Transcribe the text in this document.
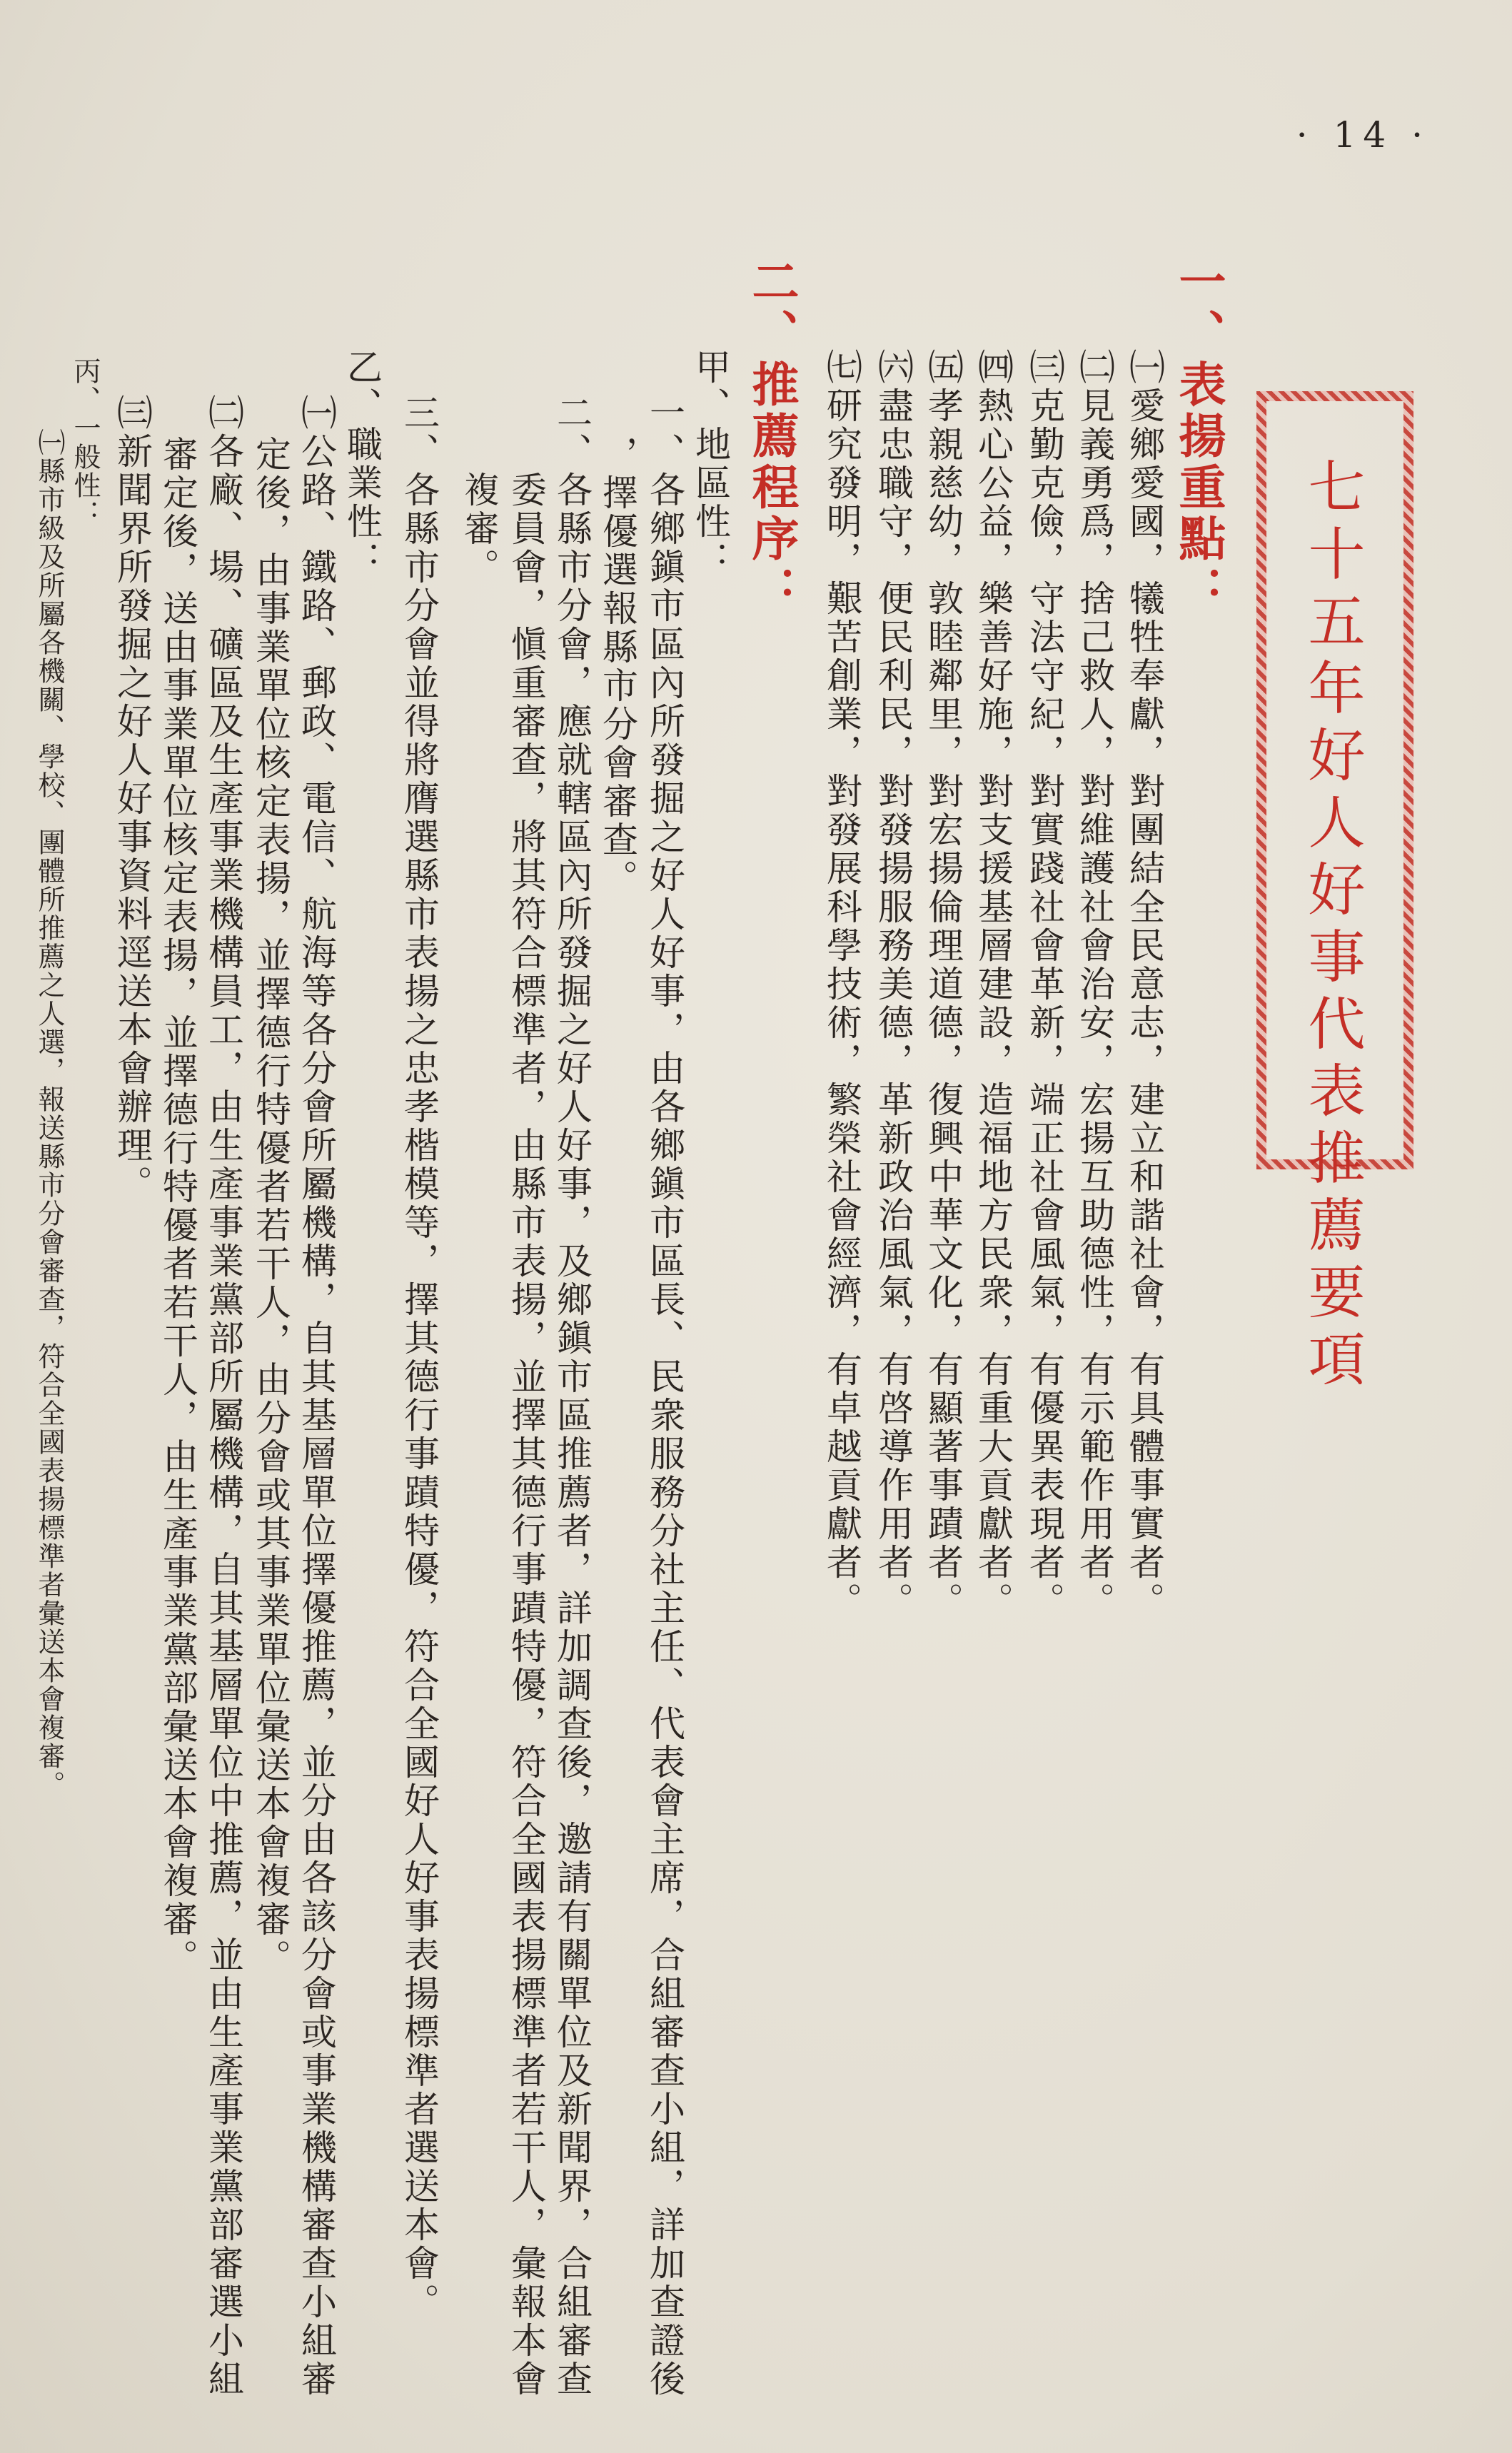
· 14 ·

七十五年好人好事代表推薦要項

一、表揚重點：

㈠愛鄉愛國，犧牲奉獻，對團結全民意志，建立和諧社會，有具體事實者。

㈡見義勇爲，捨己救人，對維護社會治安，宏揚互助德性，有示範作用者。

㈢克勤克儉，守法守紀，對實踐社會革新，端正社會風氣，有優異表現者。

㈣熱心公益，樂善好施，對支援基層建設，造福地方民衆，有重大貢獻者。

㈤孝親慈幼，敦睦鄰里，對宏揚倫理道德，復興中華文化，有顯著事蹟者。

㈥盡忠職守，便民利民，對發揚服務美德，革新政治風氣，有啓導作用者。

㈦研究發明，艱苦創業，對發展科學技術，繁榮社會經濟，有卓越貢獻者。

二、推薦程序：

甲、地區性：

一、各鄉鎭市區內所發掘之好人好事，由各鄉鎭市區長、民衆服務分社主任、代表會主席，合組審查小組，詳加查證後

，擇優選報縣市分會審查。

二、各縣市分會，應就轄區內所發掘之好人好事，及鄉鎭市區推薦者，詳加調查後，邀請有關單位及新聞界，合組審查

委員會，愼重審查，將其符合標準者，由縣市表揚，並擇其德行事蹟特優，符合全國表揚標準者若干人，彙報本會

複審。

三、各縣市分會並得將膺選縣市表揚之忠孝楷模等，擇其德行事蹟特優，符合全國好人好事表揚標準者選送本會。

乙、職業性：

㈠公路、鐵路、郵政、電信、航海等各分會所屬機構，自其基層單位擇優推薦，並分由各該分會或事業機構審查小組審

定後，由事業單位核定表揚，並擇德行特優者若干人，由分會或其事業單位彙送本會複審。

㈡各廠、場、礦區及生產事業機構員工，由生產事業黨部所屬機構，自其基層單位中推薦，並由生產事業黨部審選小組

審定後，送由事業單位核定表揚，並擇德行特優者若干人，由生產事業黨部彙送本會複審。

㈢新聞界所發掘之好人好事資料逕送本會辦理。

丙、一般性：

㈠縣市級及所屬各機關、學校、團體所推薦之人選，報送縣市分會審查，符合全國表揚標準者彙送本會複審。
